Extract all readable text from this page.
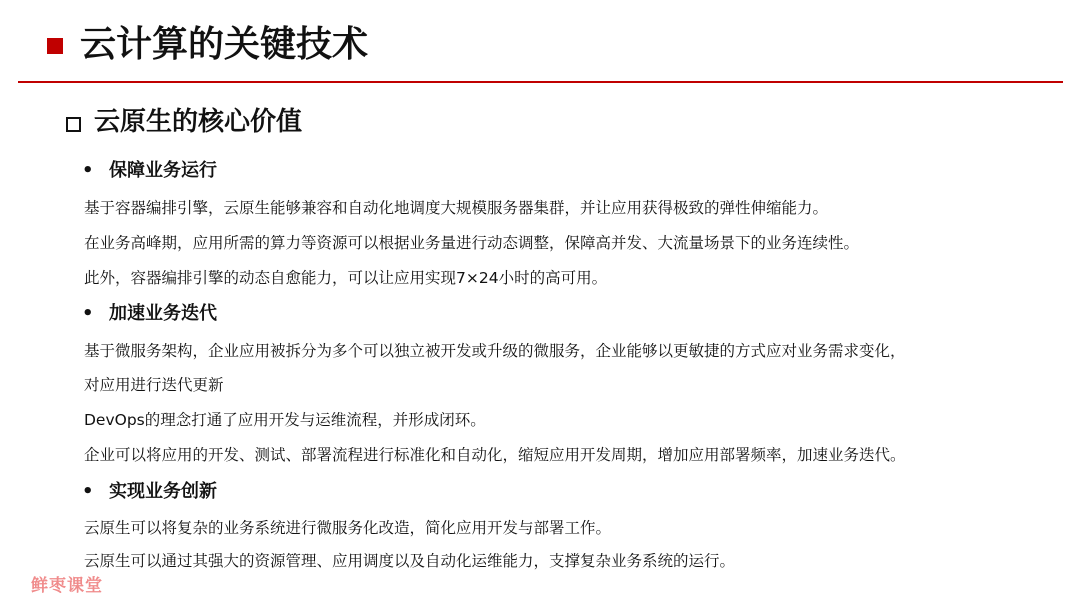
云计算的关键技术
云原生的核心价值
• 保障业务运行
基于容器编排引擎，云原生能够兼容和自动化地调度大规模服务器集群，并让应用获得极致的弹性伸缩能力。
在业务高峰期，应用所需的算力等资源可以根据业务量进行动态调整，保障高并发、大流量场景下的业务连续性。
此外，容器编排引擎的动态自愈能力，可以让应用实现7×24小时的高可用。
• 加速业务迭代
基于微服务架构，企业应用被拆分为多个可以独立被开发或升级的微服务，企业能够以更敏捷的方式应对业务需求变化，
对应用进行迭代更新
DevOps的理念打通了应用开发与运维流程，并形成闭环。
企业可以将应用的开发、测试、部署流程进行标准化和自动化，缩短应用开发周期，增加应用部署频率，加速业务迭代。
• 实现业务创新
云原生可以将复杂的业务系统进行微服务化改造，简化应用开发与部署工作。
云原生可以通过其强大的资源管理、应用调度以及自动化运维能力，支撑复杂业务系统的运行。
鲜枣课堂
